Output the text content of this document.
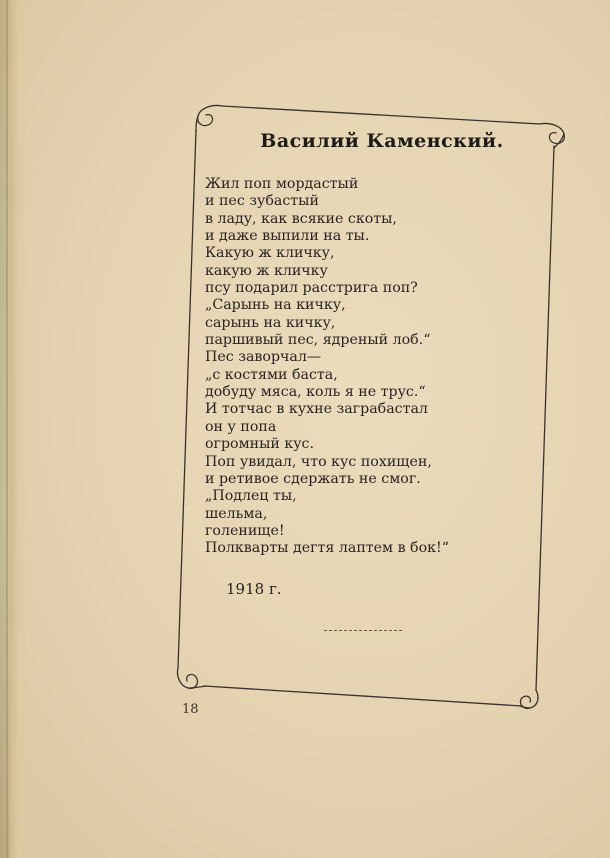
Василий Каменский.
Жил поп мордастый
и пес зубастый
в ладу, как всякие скоты,
и даже выпили на ты.
Какую ж кличку,
какую ж кличку
псу подарил расстрига поп?
„Сарынь на кичку,
сарынь на кичку,
паршивый пес, ядреный лоб.“
Пес заворчал—
„с костями баста,
добуду мяса, коль я не трус.“
И тотчас в кухне заграбастал
он у попа
огромный кус.
Поп увидал, что кус похищен,
и ретивое сдержать не смог.
„Подлец ты,
шельма,
голенище!
Полкварты дегтя лаптем в бок!“
1918 г.
18
